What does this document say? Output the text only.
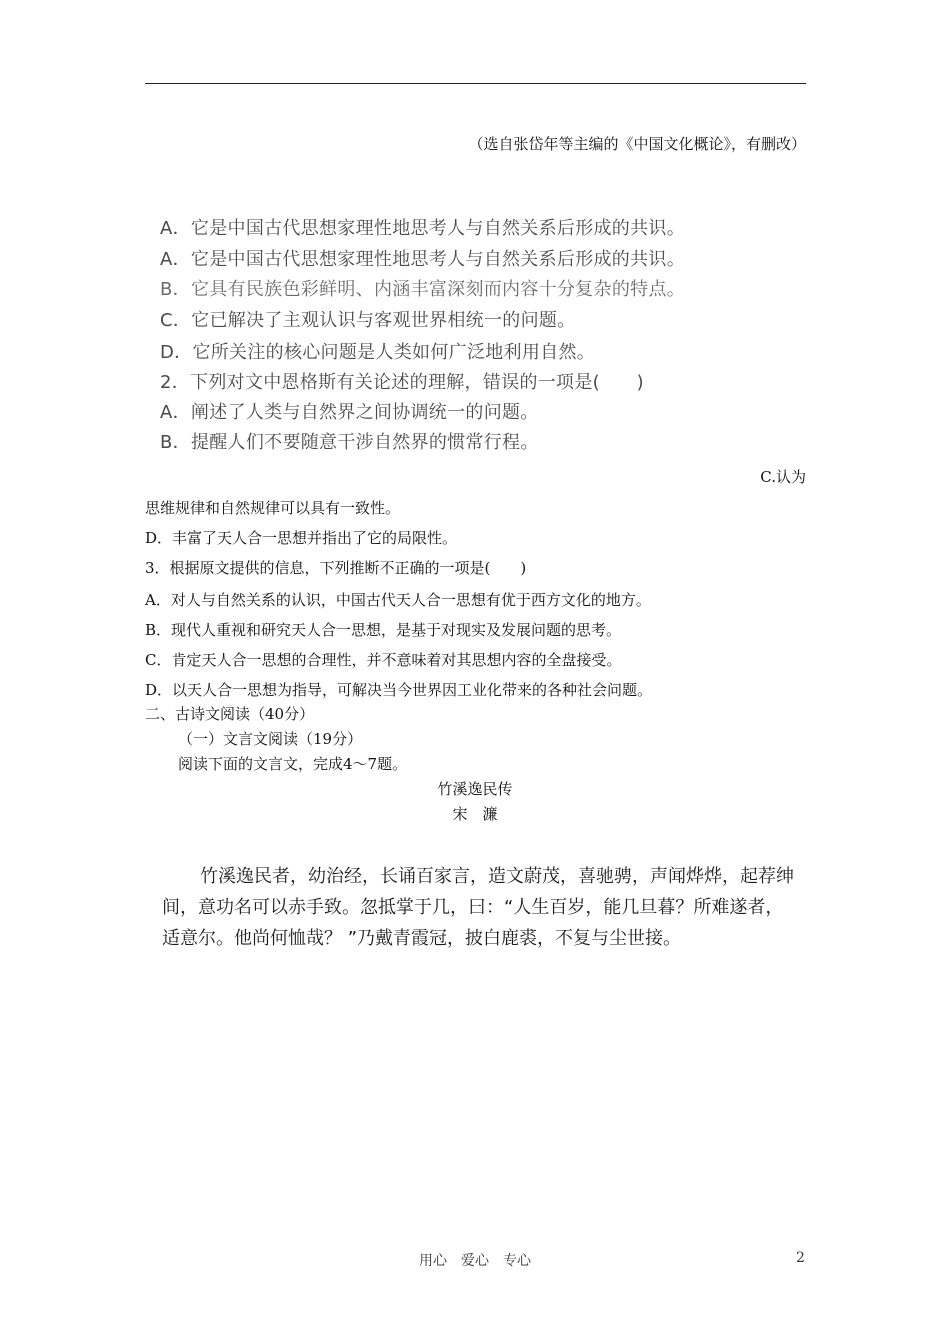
（选自张岱年等主编的《中国文化概论》，有删改）
A．它是中国古代思想家理性地思考人与自然关系后形成的共识。
A．它是中国古代思想家理性地思考人与自然关系后形成的共识。
B．它具有民族色彩鲜明、内涵丰富深刻而内容十分复杂的特点。
C．它已解决了主观认识与客观世界相统一的问题。
D．它所关注的核心问题是人类如何广泛地利用自然。
2．下列对文中恩格斯有关论述的理解，错误的一项是(　　)
A．阐述了人类与自然界之间协调统一的问题。
B．提醒人们不要随意干涉自然界的惯常行程。
C.认为
思维规律和自然规律可以具有一致性。
D．丰富了天人合一思想并指出了它的局限性。
3．根据原文提供的信息，下列推断不正确的一项是(　　)
A．对人与自然关系的认识，中国古代天人合一思想有优于西方文化的地方。
B．现代人重视和研究天人合一思想，是基于对现实及发展问题的思考。
C．肯定天人合一思想的合理性，并不意味着对其思想内容的全盘接受。
D．以天人合一思想为指导，可解决当今世界因工业化带来的各种社会问题。
二、古诗文阅读（40分）
（一）文言文阅读（19分）
阅读下面的文言文，完成4～7题。
竹溪逸民传
宋　濂
竹溪逸民者，幼治经，长诵百家言，造文蔚茂，喜驰骋，声闻烨烨，起荐绅
间，意功名可以赤手致。忽抵掌于几，曰：“人生百岁，能几旦暮？所难遂者，
适意尔。他尚何恤哉？ ”乃戴青霞冠，披白鹿裘，不复与尘世接。
用心　爱心　专心	2
